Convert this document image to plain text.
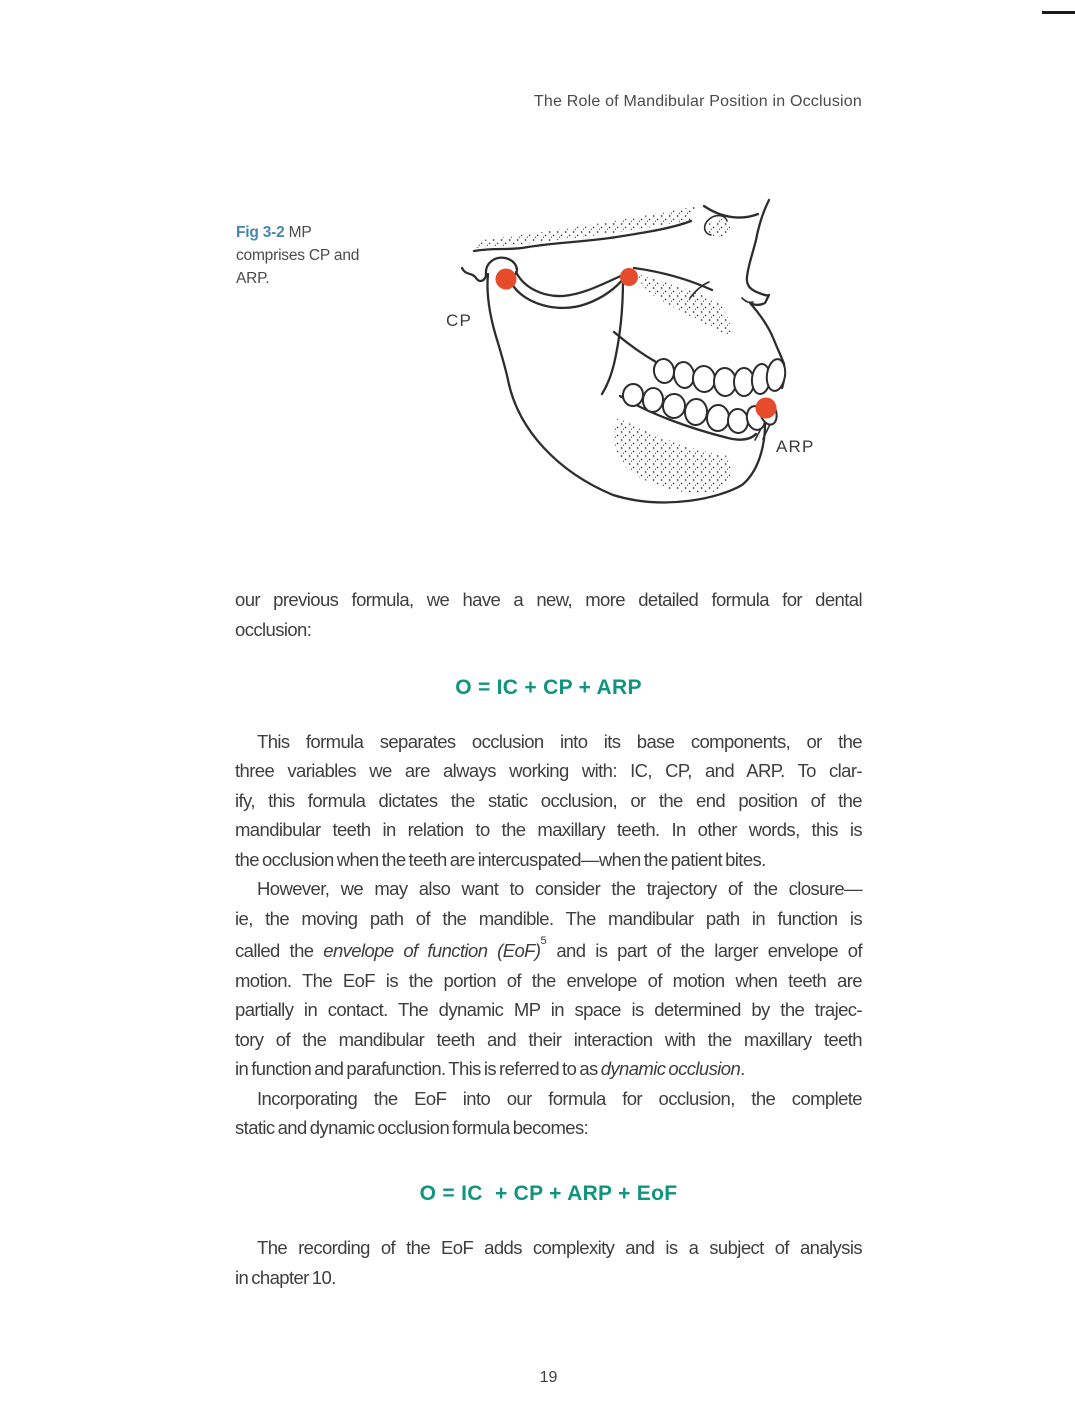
The Role of Mandibular Position in Occlusion
Fig 3-2 MP comprises CP and ARP.
CP
ARP
our previous formula, we have a new, more detailed formula for dental
occlusion:
O = IC + CP + ARP
This formula separates occlusion into its base components, or the
three variables we are always working with: IC, CP, and ARP. To clar-
ify, this formula dictates the static occlusion, or the end position of the
mandibular teeth in relation to the maxillary teeth. In other words, this is
the occlusion when the teeth are intercuspated—when the patient bites.
However, we may also want to consider the trajectory of the closure—
ie, the moving path of the mandible. The mandibular path in function is
called the envelope of function (EoF)$^5$ and is part of the larger envelope of
motion. The EoF is the portion of the envelope of motion when teeth are
partially in contact. The dynamic MP in space is determined by the trajec-
tory of the mandibular teeth and their interaction with the maxillary teeth
in function and parafunction. This is referred to as dynamic occlusion.
Incorporating the EoF into our formula for occlusion, the complete
static and dynamic occlusion formula becomes:
O = IC  + CP + ARP + EoF
The recording of the EoF adds complexity and is a subject of analysis
in chapter 10.
19
